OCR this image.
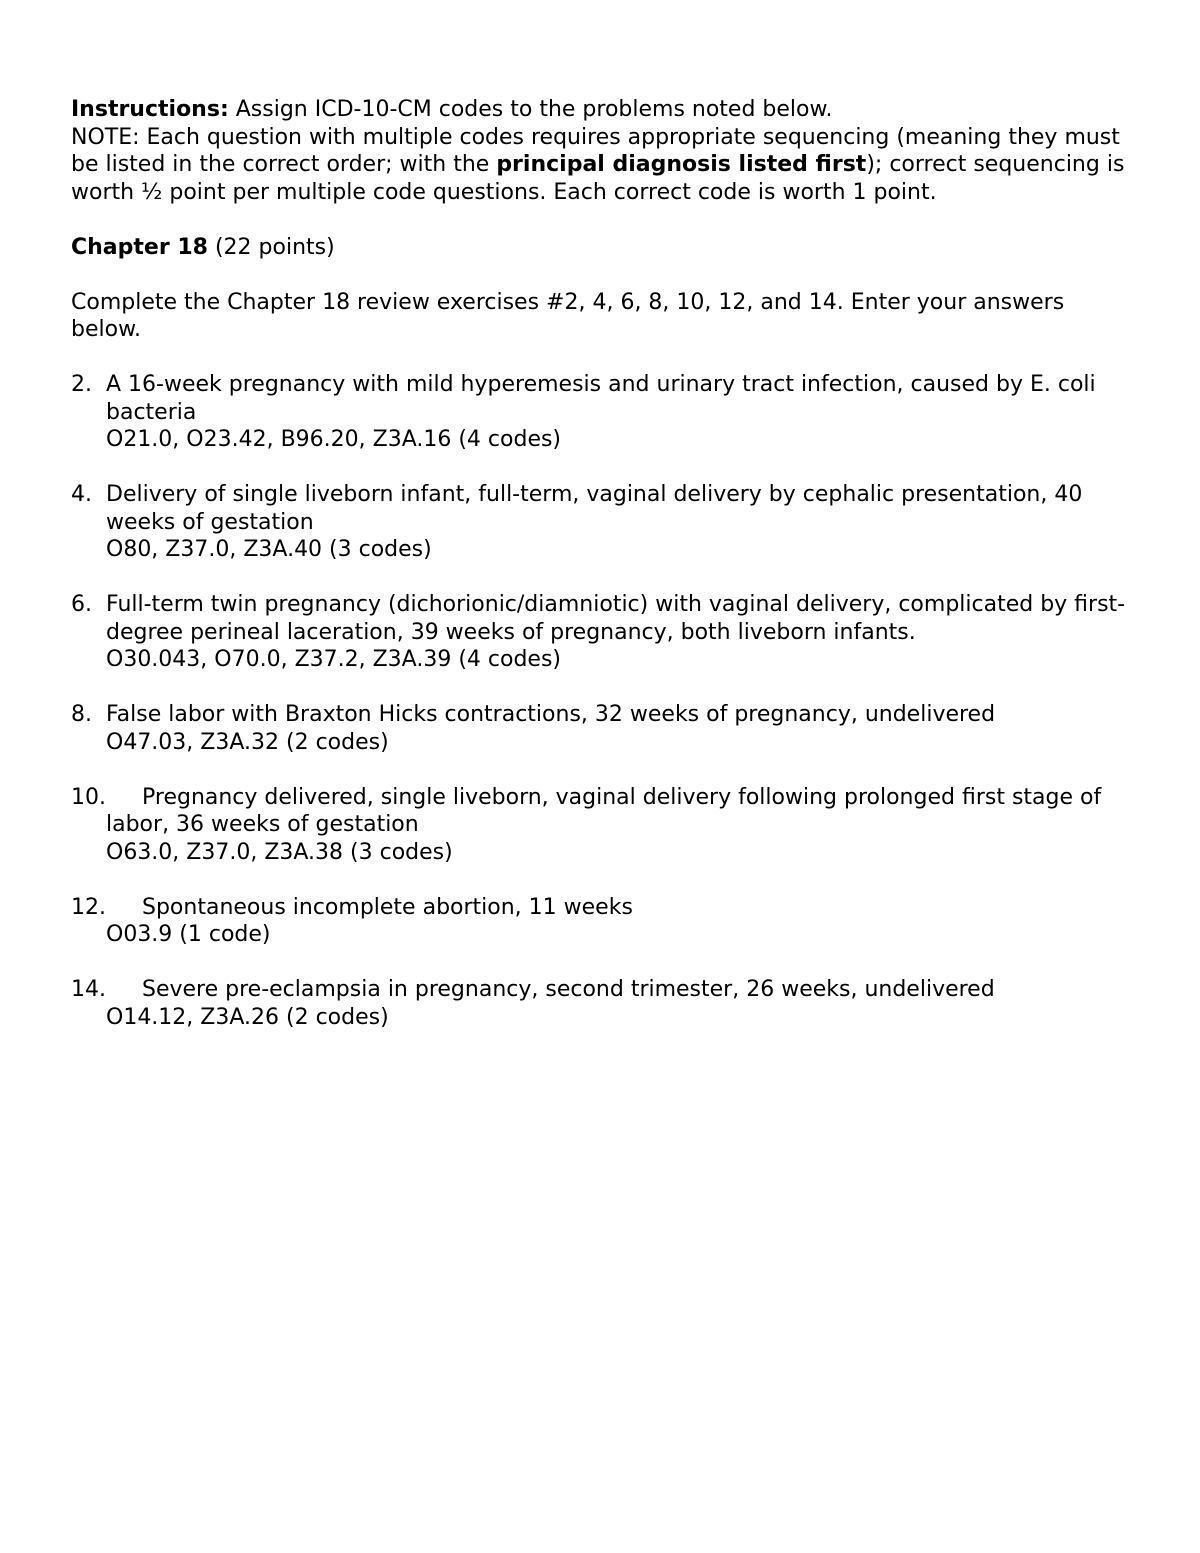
Instructions: Assign ICD-10-CM codes to the problems noted below.

NOTE: Each question with multiple codes requires appropriate sequencing (meaning they must be listed in the correct order; with the principal diagnosis listed first); correct sequencing is worth ½ point per multiple code questions. Each correct code is worth 1 point.

Chapter 18 (22 points)

Complete the Chapter 18 review exercises #2, 4, 6, 8, 10, 12, and 14. Enter your answers below.

2. A 16-week pregnancy with mild hyperemesis and urinary tract infection, caused by E. coli bacteria

O21.0, O23.42, B96.20, Z3A.16 (4 codes)

4. Delivery of single liveborn infant, full-term, vaginal delivery by cephalic presentation, 40 weeks of gestation

O80, Z37.0, Z3A.40 (3 codes)

6. Full-term twin pregnancy (dichorionic/diamniotic) with vaginal delivery, complicated by first-degree perineal laceration, 39 weeks of pregnancy, both liveborn infants.

O30.043, O70.0, Z37.2, Z3A.39 (4 codes)

8. False labor with Braxton Hicks contractions, 32 weeks of pregnancy, undelivered

O47.03, Z3A.32 (2 codes)

10.	Pregnancy delivered, single liveborn, vaginal delivery following prolonged first stage of labor, 36 weeks of gestation

O63.0, Z37.0, Z3A.38 (3 codes)

12.	Spontaneous incomplete abortion, 11 weeks

O03.9 (1 code)

14.	Severe pre-eclampsia in pregnancy, second trimester, 26 weeks, undelivered

O14.12, Z3A.26 (2 codes)
